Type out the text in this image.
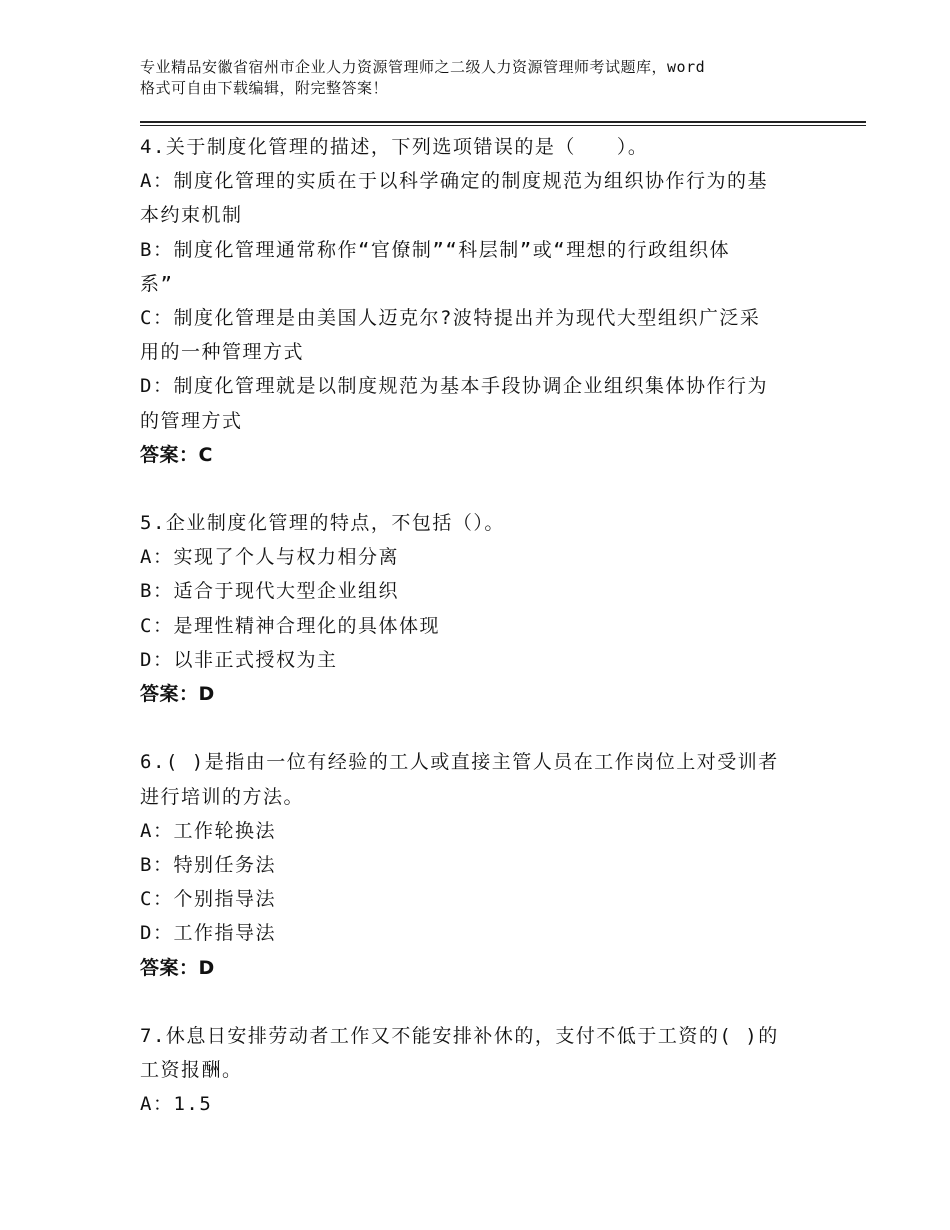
专业精品安徽省宿州市企业人力资源管理师之二级人力资源管理师考试题库，word
格式可自由下载编辑，附完整答案！
4.关于制度化管理的描述，下列选项错误的是（　　）。
A：制度化管理的实质在于以科学确定的制度规范为组织协作行为的基
本约束机制
B：制度化管理通常称作“官僚制”“科层制”或“理想的行政组织体
系”
C：制度化管理是由美国人迈克尔?波特提出并为现代大型组织广泛采
用的一种管理方式
D：制度化管理就是以制度规范为基本手段协调企业组织集体协作行为
的管理方式
答案：C
5.企业制度化管理的特点，不包括（）。
A：实现了个人与权力相分离
B：适合于现代大型企业组织
C：是理性精神合理化的具体体现
D：以非正式授权为主
答案：D
6.( )是指由一位有经验的工人或直接主管人员在工作岗位上对受训者
进行培训的方法。
A：工作轮换法
B：特别任务法
C：个别指导法
D：工作指导法
答案：D
7.休息日安排劳动者工作又不能安排补休的，支付不低于工资的( )的
工资报酬。
A：1.5
